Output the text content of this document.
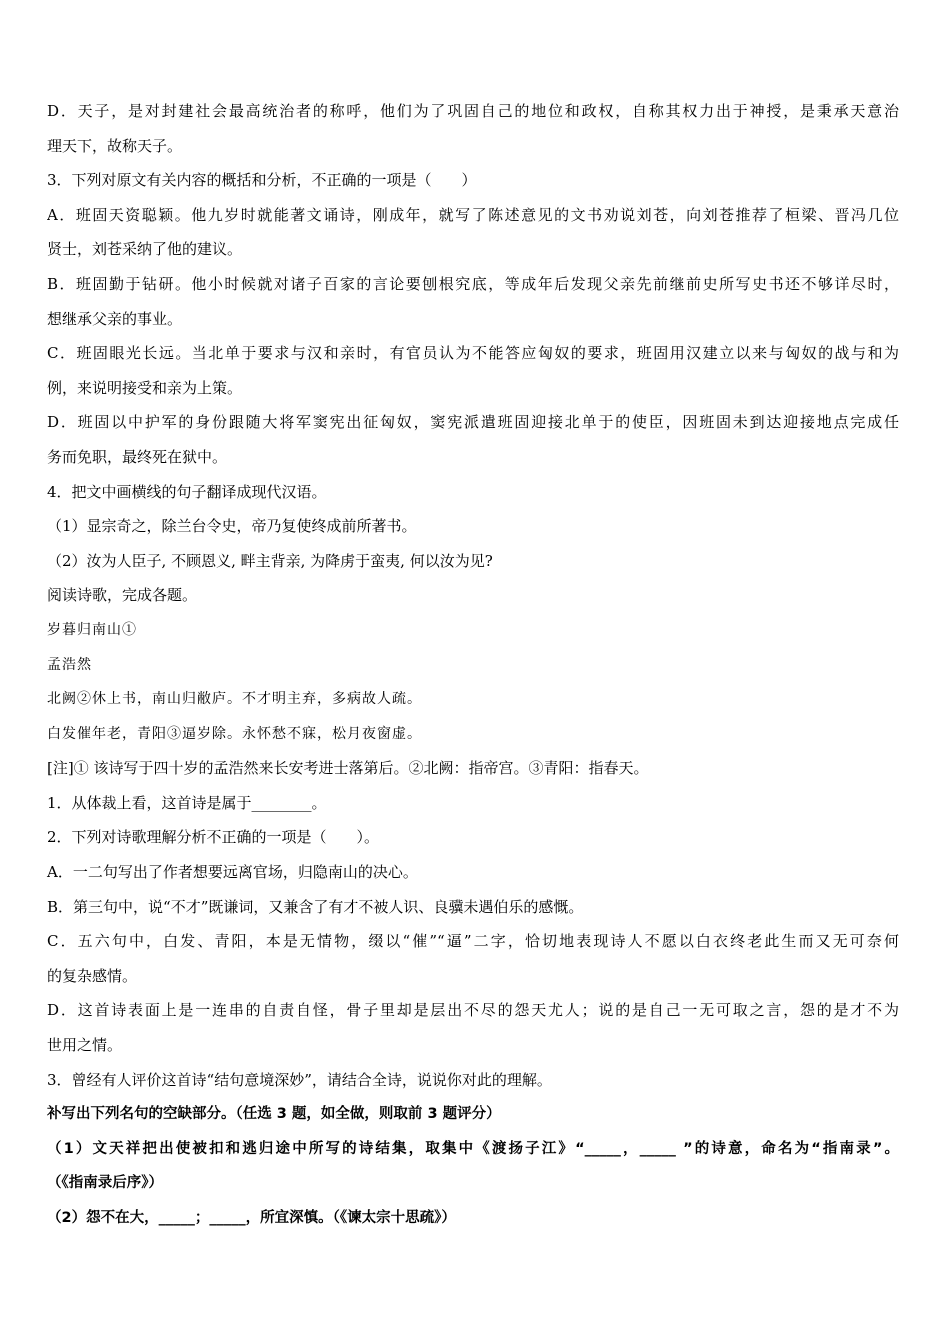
D．天子，是对封建社会最高统治者的称呼，他们为了巩固自己的地位和政权，自称其权力出于神授，是秉承天意治
理天下，故称天子。
3．下列对原文有关内容的概括和分析，不正确的一项是（　　）
A．班固天资聪颖。他九岁时就能著文诵诗，刚成年，就写了陈述意见的文书劝说刘苍，向刘苍推荐了桓梁、晋冯几位
贤士，刘苍采纳了他的建议。
B．班固勤于钻研。他小时候就对诸子百家的言论要刨根究底，等成年后发现父亲先前继前史所写史书还不够详尽时，
想继承父亲的事业。
C．班固眼光长远。当北单于要求与汉和亲时，有官员认为不能答应匈奴的要求，班固用汉建立以来与匈奴的战与和为
例，来说明接受和亲为上策。
D．班固以中护军的身份跟随大将军窦宪出征匈奴，窦宪派遣班固迎接北单于的使臣，因班固未到达迎接地点完成任
务而免职，最终死在狱中。
4．把文中画横线的句子翻译成现代汉语。
（1）显宗奇之，除兰台令史，帝乃复使终成前所著书。
（2）汝为人臣子, 不顾恩义, 畔主背亲, 为降虏于蛮夷, 何以汝为见?
阅读诗歌，完成各题。
岁暮归南山①
孟浩然
北阙②休上书，南山归敝庐。不才明主弃，多病故人疏。
白发催年老，青阳③逼岁除。永怀愁不寐，松月夜窗虚。
[注]① 该诗写于四十岁的孟浩然来长安考进士落第后。②北阙：指帝宫。③青阳：指春天。
1．从体裁上看，这首诗是属于________。
2．下列对诗歌理解分析不正确的一项是（　　）。
A．一二句写出了作者想要远离官场，归隐南山的决心。
B．第三句中，说“不才”既谦词，又兼含了有才不被人识、良骥未遇伯乐的感慨。
C．五六句中，白发、青阳，本是无情物，缀以“催”“逼”二字，恰切地表现诗人不愿以白衣终老此生而又无可奈何
的复杂感情。
D．这首诗表面上是一连串的自责自怪，骨子里却是层出不尽的怨天尤人；说的是自己一无可取之言，怨的是才不为
世用之情。
3．曾经有人评价这首诗“结句意境深妙”，请结合全诗，说说你对此的理解。
补写出下列名句的空缺部分。（任选 3 题，如全做，则取前 3 题评分）
（1）文天祥把出使被扣和逃归途中所写的诗结集，取集中《渡扬子江》“_____，_____ ”的诗意，命名为“指南录”。
（《指南录后序》）
（2）怨不在大，_____；_____，所宜深慎。（《谏太宗十思疏》）
